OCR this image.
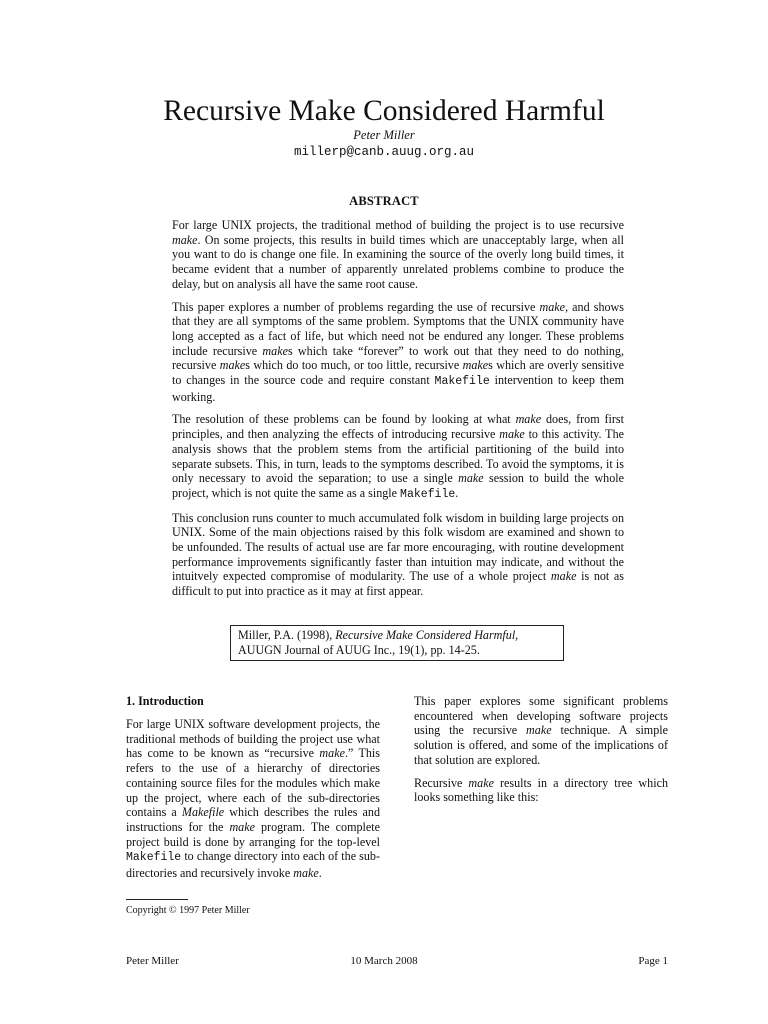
Recursive Make Considered Harmful
Peter Miller
millerp@canb.auug.org.au
ABSTRACT

For large UNIX projects, the traditional method of building the project is to use recursive make. On some projects, this results in build times which are unacceptably large, when all you want to do is change one file. In examining the source of the overly long build times, it became evident that a number of apparently unrelated problems combine to produce the delay, but on analysis all have the same root cause.

This paper explores a number of problems regarding the use of recursive make, and shows that they are all symptoms of the same problem. Symptoms that the UNIX community have long accepted as a fact of life, but which need not be endured any longer. These problems include recursive makes which take “forever” to work out that they need to do nothing, recursive makes which do too much, or too little, recursive makes which are overly sensitive to changes in the source code and require constant Makefile intervention to keep them working.

The resolution of these problems can be found by looking at what make does, from first principles, and then analyzing the effects of introducing recursive make to this activity. The analysis shows that the problem stems from the artificial partitioning of the build into separate subsets. This, in turn, leads to the symptoms described. To avoid the symptoms, it is only necessary to avoid the separation; to use a single make session to build the whole project, which is not quite the same as a single Makefile.

This conclusion runs counter to much accumulated folk wisdom in building large projects on UNIX. Some of the main objections raised by this folk wisdom are examined and shown to be unfounded. The results of actual use are far more encouraging, with routine development performance improvements significantly faster than intuition may indicate, and without the intuitvely expected compromise of modularity. The use of a whole project make is not as difficult to put into practice as it may at first appear.

Miller, P.A. (1998), Recursive Make Considered Harmful,
AUUGN Journal of AUUG Inc., 19(1), pp. 14-25.
1. Introduction

For large UNIX software development projects, the traditional methods of building the project use what has come to be known as “recursive make.” This refers to the use of a hierarchy of directories containing source files for the modules which make up the project, where each of the sub-directories contains a Makefile which describes the rules and instructions for the make program. The complete project build is done by arranging for the top-level Makefile to change directory into each of the sub-directories and recursively invoke make.

This paper explores some significant problems encountered when developing software projects using the recursive make technique. A simple solution is offered, and some of the implications of that solution are explored.

Recursive make results in a directory tree which looks something like this:

Copyright © 1997 Peter Miller
Peter Miller	10 March 2008	Page 1
